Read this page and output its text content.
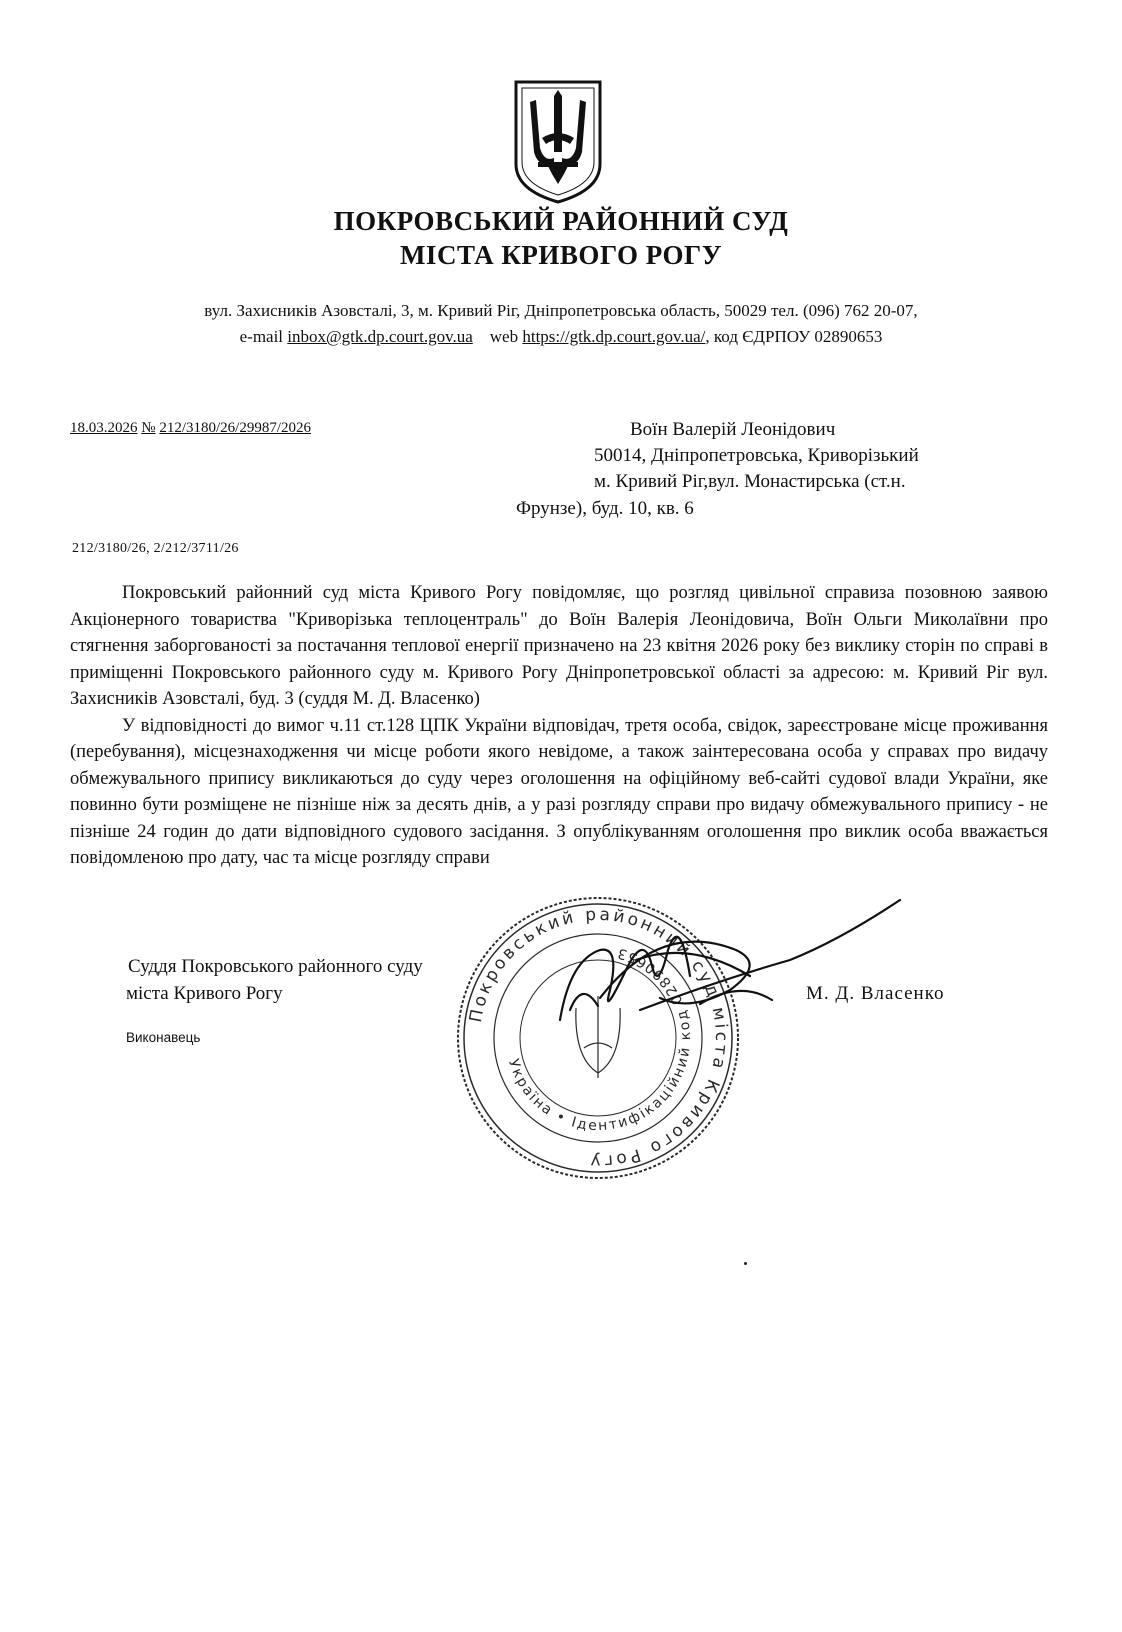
ПОКРОВСЬКИЙ РАЙОННИЙ СУД
МІСТА КРИВОГО РОГУ
вул. Захисників Азовсталі, 3, м. Кривий Ріг, Дніпропетровська область, 50029 тел. (096) 762 20-07,
e-mail inbox@gtk.dp.court.gov.ua web https://gtk.dp.court.gov.ua/, код ЄДРПОУ 02890653
18.03.2026 № 212/3180/26/29987/2026	Воїн Валерій Леонідович
50014, Дніпропетровська, Криворізький
м. Кривий Ріг,вул. Монастирська (ст.н.
Фрунзе), буд. 10, кв. 6
212/3180/26, 2/212/3711/26

Покровський районний суд міста Кривого Рогу повідомляє, що розгляд цивільної справиза позовною заявою Акціонерного товариства "Криворізька теплоцентраль" до Воїн Валерія Леонідовича, Воїн Ольги Миколаївни про стягнення заборгованості за постачання теплової енергії призначено на 23 квітня 2026 року без виклику сторін по справі в приміщенні Покровського районного суду м. Кривого Рогу Дніпропетровської області за адресою: м. Кривий Ріг вул. Захисників Азовсталі, буд. 3 (суддя М. Д. Власенко)

У відповідності до вимог ч.11 ст.128 ЦПК України відповідач, третя особа, свідок, зареєстроване місце проживання (перебування), місцезнаходження чи місце роботи якого невідоме, а також заінтересована особа у справах про видачу обмежувального припису викликаються до суду через оголошення на офіційному веб-сайті судової влади України, яке повинно бути розміщене не пізніше ніж за десять днів, а у разі розгляду справи про видачу обмежувального припису - не пізніше 24 годин до дати відповідного судового засідання. З опублікуванням оголошення про виклик особа вважається повідомленою про дату, час та місце розгляду справи

Суддя Покровського районного суду
міста Кривого Рогу	М. Д. Власенко
Виконавець
Покровський районний суд міста Кривого Рогу
Україна • Ідентифікаційний код 02890653
